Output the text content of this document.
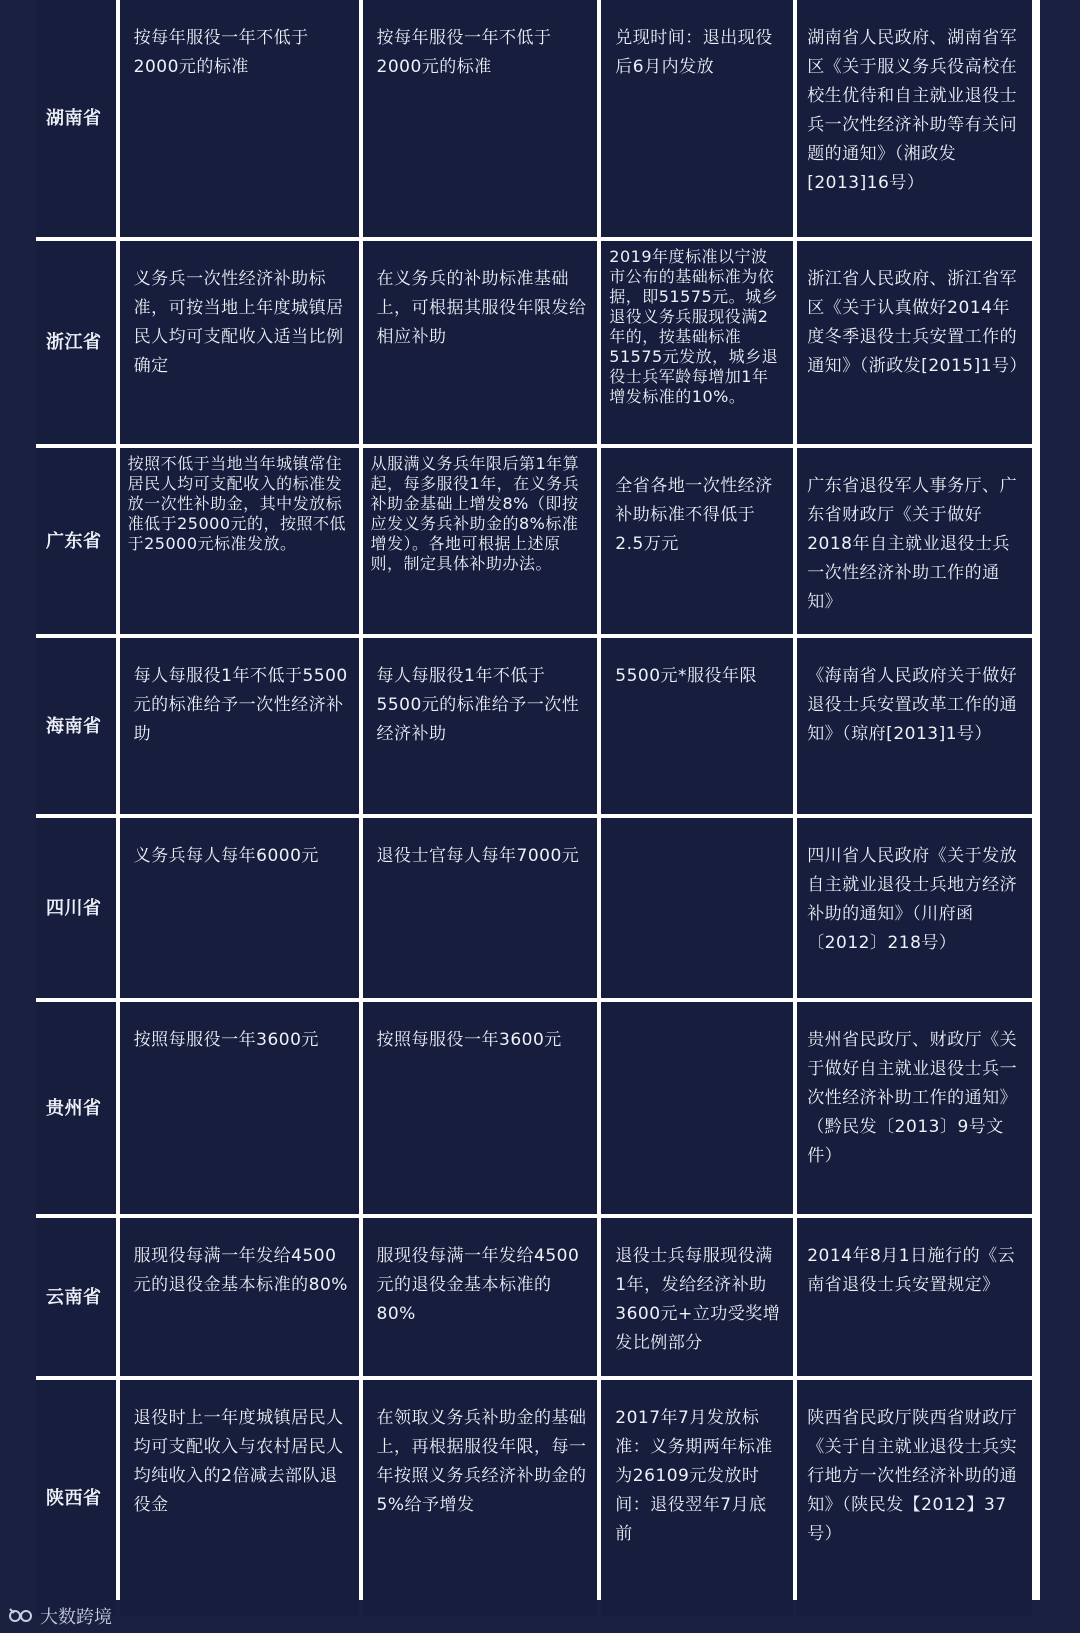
湖南省	按每年服役一年不低于2000元的标准	按每年服役一年不低于2000元的标准	兑现时间：退出现役后6月内发放	湖南省人民政府、湖南省军区《关于服义务兵役高校在校生优待和自主就业退役士兵一次性经济补助等有关问题的通知》（湘政发[2013]16号）
浙江省	义务兵一次性经济补助标准，可按当地上年度城镇居民人均可支配收入适当比例确定	在义务兵的补助标准基础上，可根据其服役年限发给相应补助	2019年度标准以宁波市公布的基础标准为依据，即51575元。城乡退役义务兵服现役满2年的，按基础标准51575元发放，城乡退役士兵军龄每增加1年增发标准的10%。	浙江省人民政府、浙江省军区《关于认真做好2014年度冬季退役士兵安置工作的通知》（浙政发[2015]1号）
广东省	按照不低于当地当年城镇常住居民人均可支配收入的标准发放一次性补助金，其中发放标准低于25000元的，按照不低于25000元标准发放。	从服满义务兵年限后第1年算起，每多服役1年，在义务兵补助金基础上增发8%（即按应发义务兵补助金的8%标准增发）。各地可根据上述原则，制定具体补助办法。	全省各地一次性经济补助标准不得低于2.5万元	广东省退役军人事务厅、广东省财政厅《关于做好2018年自主就业退役士兵一次性经济补助工作的通知》
海南省	每人每服役1年不低于5500元的标准给予一次性经济补助	每人每服役1年不低于5500元的标准给予一次性经济补助	5500元*服役年限	《海南省人民政府关于做好退役士兵安置改革工作的通知》（琼府[2013]1号）
四川省	义务兵每人每年6000元	退役士官每人每年7000元		四川省人民政府《关于发放自主就业退役士兵地方经济补助的通知》（川府函〔2012〕218号）
贵州省	按照每服役一年3600元	按照每服役一年3600元		贵州省民政厅、财政厅《关于做好自主就业退役士兵一次性经济补助工作的通知》（黔民发〔2013〕9号文件）
云南省	服现役每满一年发给4500元的退役金基本标准的80%	服现役每满一年发给4500元的退役金基本标准的80%	退役士兵每服现役满1年，发给经济补助 3600元+立功受奖增发比例部分	2014年8月1日施行的《云南省退役士兵安置规定》
陕西省	退役时上一年度城镇居民人均可支配收入与农村居民人均纯收入的2倍减去部队退役金	在领取义务兵补助金的基础上，再根据服役年限，每一年按照义务兵经济补助金的5%给予增发	2017年7月发放标准：义务期两年标准为26109元发放时间：退役翌年7月底前	陕西省民政厅陕西省财政厅《关于自主就业退役士兵实行地方一次性经济补助的通知》（陕民发【2012】37号）
大数跨境
